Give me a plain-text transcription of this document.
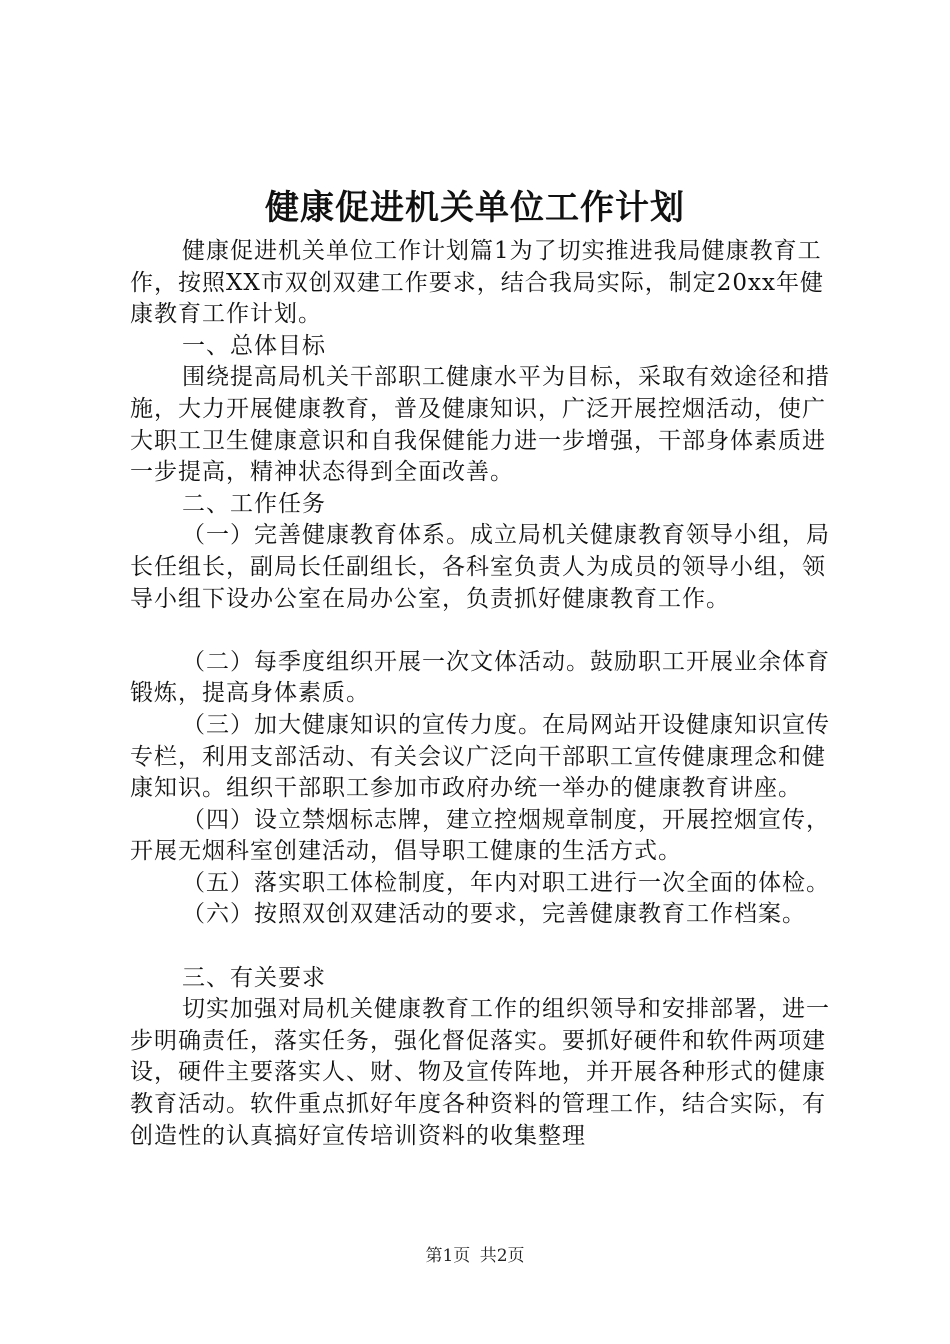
健康促进机关单位工作计划

健康促进机关单位工作计划篇1为了切实推进我局健康教育工作，按照XX市双创双建工作要求，结合我局实际，制定20xx年健康教育工作计划。

一、总体目标

围绕提高局机关干部职工健康水平为目标，采取有效途径和措施，大力开展健康教育，普及健康知识，广泛开展控烟活动，使广大职工卫生健康意识和自我保健能力进一步增强，干部身体素质进一步提高，精神状态得到全面改善。

二、工作任务

（一）完善健康教育体系。成立局机关健康教育领导小组，局长任组长，副局长任副组长，各科室负责人为成员的领导小组，领导小组下设办公室在局办公室，负责抓好健康教育工作。

（二）每季度组织开展一次文体活动。鼓励职工开展业余体育锻炼，提高身体素质。

（三）加大健康知识的宣传力度。在局网站开设健康知识宣传专栏，利用支部活动、有关会议广泛向干部职工宣传健康理念和健康知识。组织干部职工参加市政府办统一举办的健康教育讲座。

（四）设立禁烟标志牌，建立控烟规章制度，开展控烟宣传，开展无烟科室创建活动，倡导职工健康的生活方式。

（五）落实职工体检制度，年内对职工进行一次全面的体检。

（六）按照双创双建活动的要求，完善健康教育工作档案。

三、有关要求

切实加强对局机关健康教育工作的组织领导和安排部署，进一步明确责任，落实任务，强化督促落实。要抓好硬件和软件两项建设，硬件主要落实人、财、物及宣传阵地，并开展各种形式的健康教育活动。软件重点抓好年度各种资料的管理工作，结合实际，有创造性的认真搞好宣传培训资料的收集整理

第1页 共2页
